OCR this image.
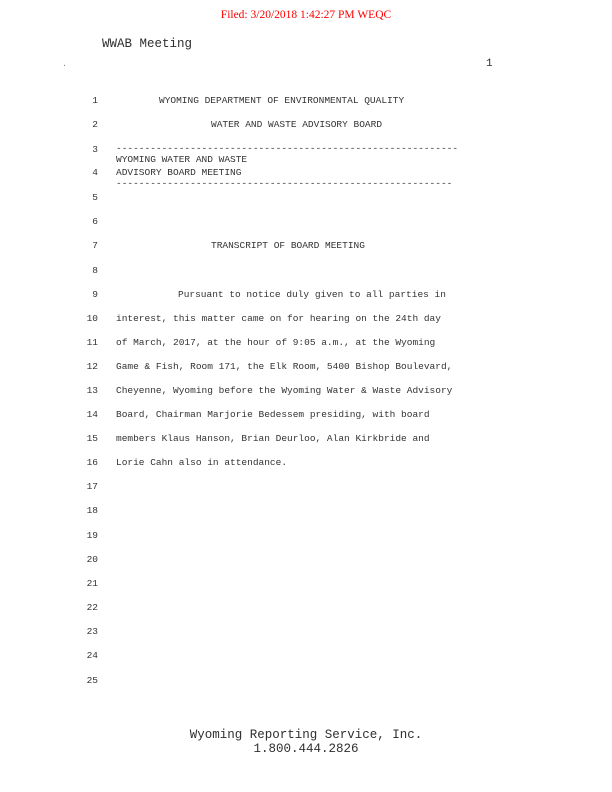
Filed: 3/20/2018 1:42:27 PM WEQC
WWAB Meeting
.	1
1
2
3
4
5
6
7
8
9
10
11
12
13
14
15
16
17
18
19
20
21
22
23
24
25
WYOMING DEPARTMENT OF ENVIRONMENTAL QUALITY
WATER AND WASTE ADVISORY BOARD
------------------------------------------------------------
WYOMING WATER AND WASTE
ADVISORY BOARD MEETING
-----------------------------------------------------------
TRANSCRIPT OF BOARD MEETING
Pursuant to notice duly given to all parties in
interest, this matter came on for hearing on the 24th day
of March, 2017, at the hour of 9:05 a.m., at the Wyoming
Game & Fish, Room 171, the Elk Room, 5400 Bishop Boulevard,
Cheyenne, Wyoming before the Wyoming Water & Waste Advisory
Board, Chairman Marjorie Bedessem presiding, with board
members Klaus Hanson, Brian Deurloo, Alan Kirkbride and
Lorie Cahn also in attendance.
Wyoming Reporting Service, Inc.
1.800.444.2826
